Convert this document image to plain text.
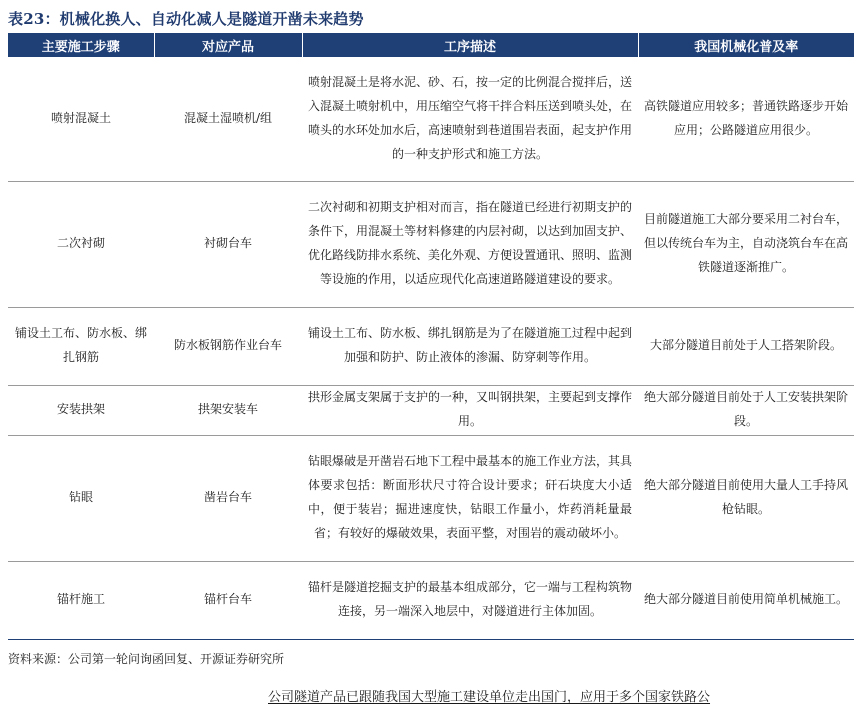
表23：机械化换人、自动化减人是隧道开凿未来趋势
主要施工步骤	对应产品	工序描述	我国机械化普及率
喷射混凝土	混凝土湿喷机/组	喷射混凝土是将水泥、砂、石，按一定的比例混合搅拌后，送入混凝土喷射机中，用压缩空气将干拌合料压送到喷头处，在喷头的水环处加水后，高速喷射到巷道围岩表面，起支护作用的一种支护形式和施工方法。	高铁隧道应用较多；普通铁路逐步开始应用；公路隧道应用很少。
二次衬砌	衬砌台车	二次衬砌和初期支护相对而言，指在隧道已经进行初期支护的条件下，用混凝土等材料修建的内层衬砌，以达到加固支护、优化路线防排水系统、美化外观、方便设置通讯、照明、监测等设施的作用，以适应现代化高速道路隧道建设的要求。	目前隧道施工大部分要采用二衬台车，但以传统台车为主，自动浇筑台车在高铁隧道逐渐推广。
铺设土工布、防水板、绑扎钢筋	防水板钢筋作业台车	铺设土工布、防水板、绑扎钢筋是为了在隧道施工过程中起到加强和防护、防止液体的渗漏、防穿刺等作用。	大部分隧道目前处于人工搭架阶段。
安装拱架	拱架安装车	拱形金属支架属于支护的一种，又叫钢拱架，主要起到支撑作用。	绝大部分隧道目前处于人工安装拱架阶段。
钻眼	凿岩台车	钻眼爆破是开凿岩石地下工程中最基本的施工作业方法，其具体要求包括：断面形状尺寸符合设计要求；矸石块度大小适中，便于装岩；掘进速度快，钻眼工作量小，炸药消耗量最省；有较好的爆破效果，表面平整，对围岩的震动破坏小。	绝大部分隧道目前使用大量人工手持风枪钻眼。
锚杆施工	锚杆台车	锚杆是隧道挖掘支护的最基本组成部分，它一端与工程构筑物连接，另一端深入地层中，对隧道进行主体加固。	绝大部分隧道目前使用简单机械施工。
资料来源：公司第一轮问询函回复、开源证券研究所
公司隧道产品已跟随我国大型施工建设单位走出国门，应用于多个国家铁路公
